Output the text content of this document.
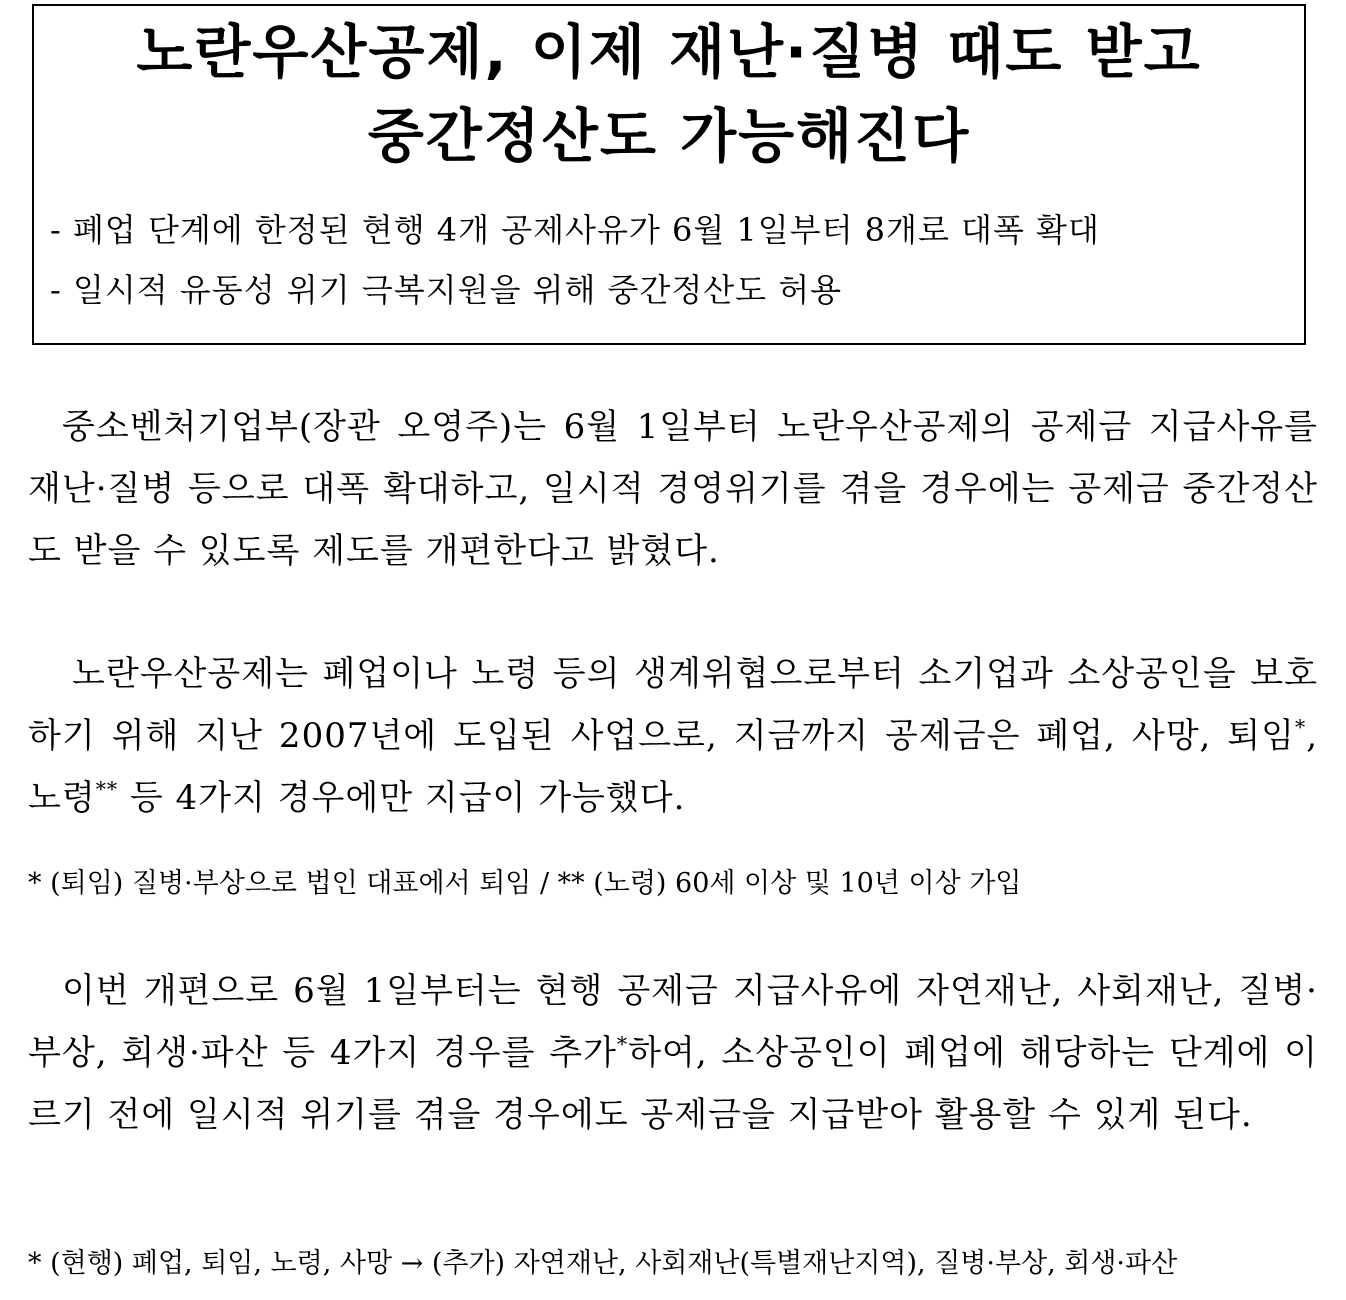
노란우산공제, 이제 재난·질병 때도 받고
중간정산도 가능해진다
- 폐업 단계에 한정된 현행 4개 공제사유가 6월 1일부터 8개로 대폭 확대
- 일시적 유동성 위기 극복지원을 위해 중간정산도 허용

중소벤처기업부(장관 오영주)는 6월 1일부터 노란우산공제의 공제금 지급사유를 재난·질병 등으로 대폭 확대하고, 일시적 경영위기를 겪을 경우에는 공제금 중간정산도 받을 수 있도록 제도를 개편한다고 밝혔다.

노란우산공제는 폐업이나 노령 등의 생계위협으로부터 소기업과 소상공인을 보호하기 위해 지난 2007년에 도입된 사업으로, 지금까지 공제금은 폐업, 사망, 퇴임*, 노령** 등 4가지 경우에만 지급이 가능했다.

* (퇴임) 질병·부상으로 법인 대표에서 퇴임 / ** (노령) 60세 이상 및 10년 이상 가입

이번 개편으로 6월 1일부터는 현행 공제금 지급사유에 자연재난, 사회재난, 질병·부상, 회생·파산 등 4가지 경우를 추가*하여, 소상공인이 폐업에 해당하는 단계에 이르기 전에 일시적 위기를 겪을 경우에도 공제금을 지급받아 활용할 수 있게 된다.

* (현행) 폐업, 퇴임, 노령, 사망 → (추가) 자연재난, 사회재난(특별재난지역), 질병·부상, 회생·파산
